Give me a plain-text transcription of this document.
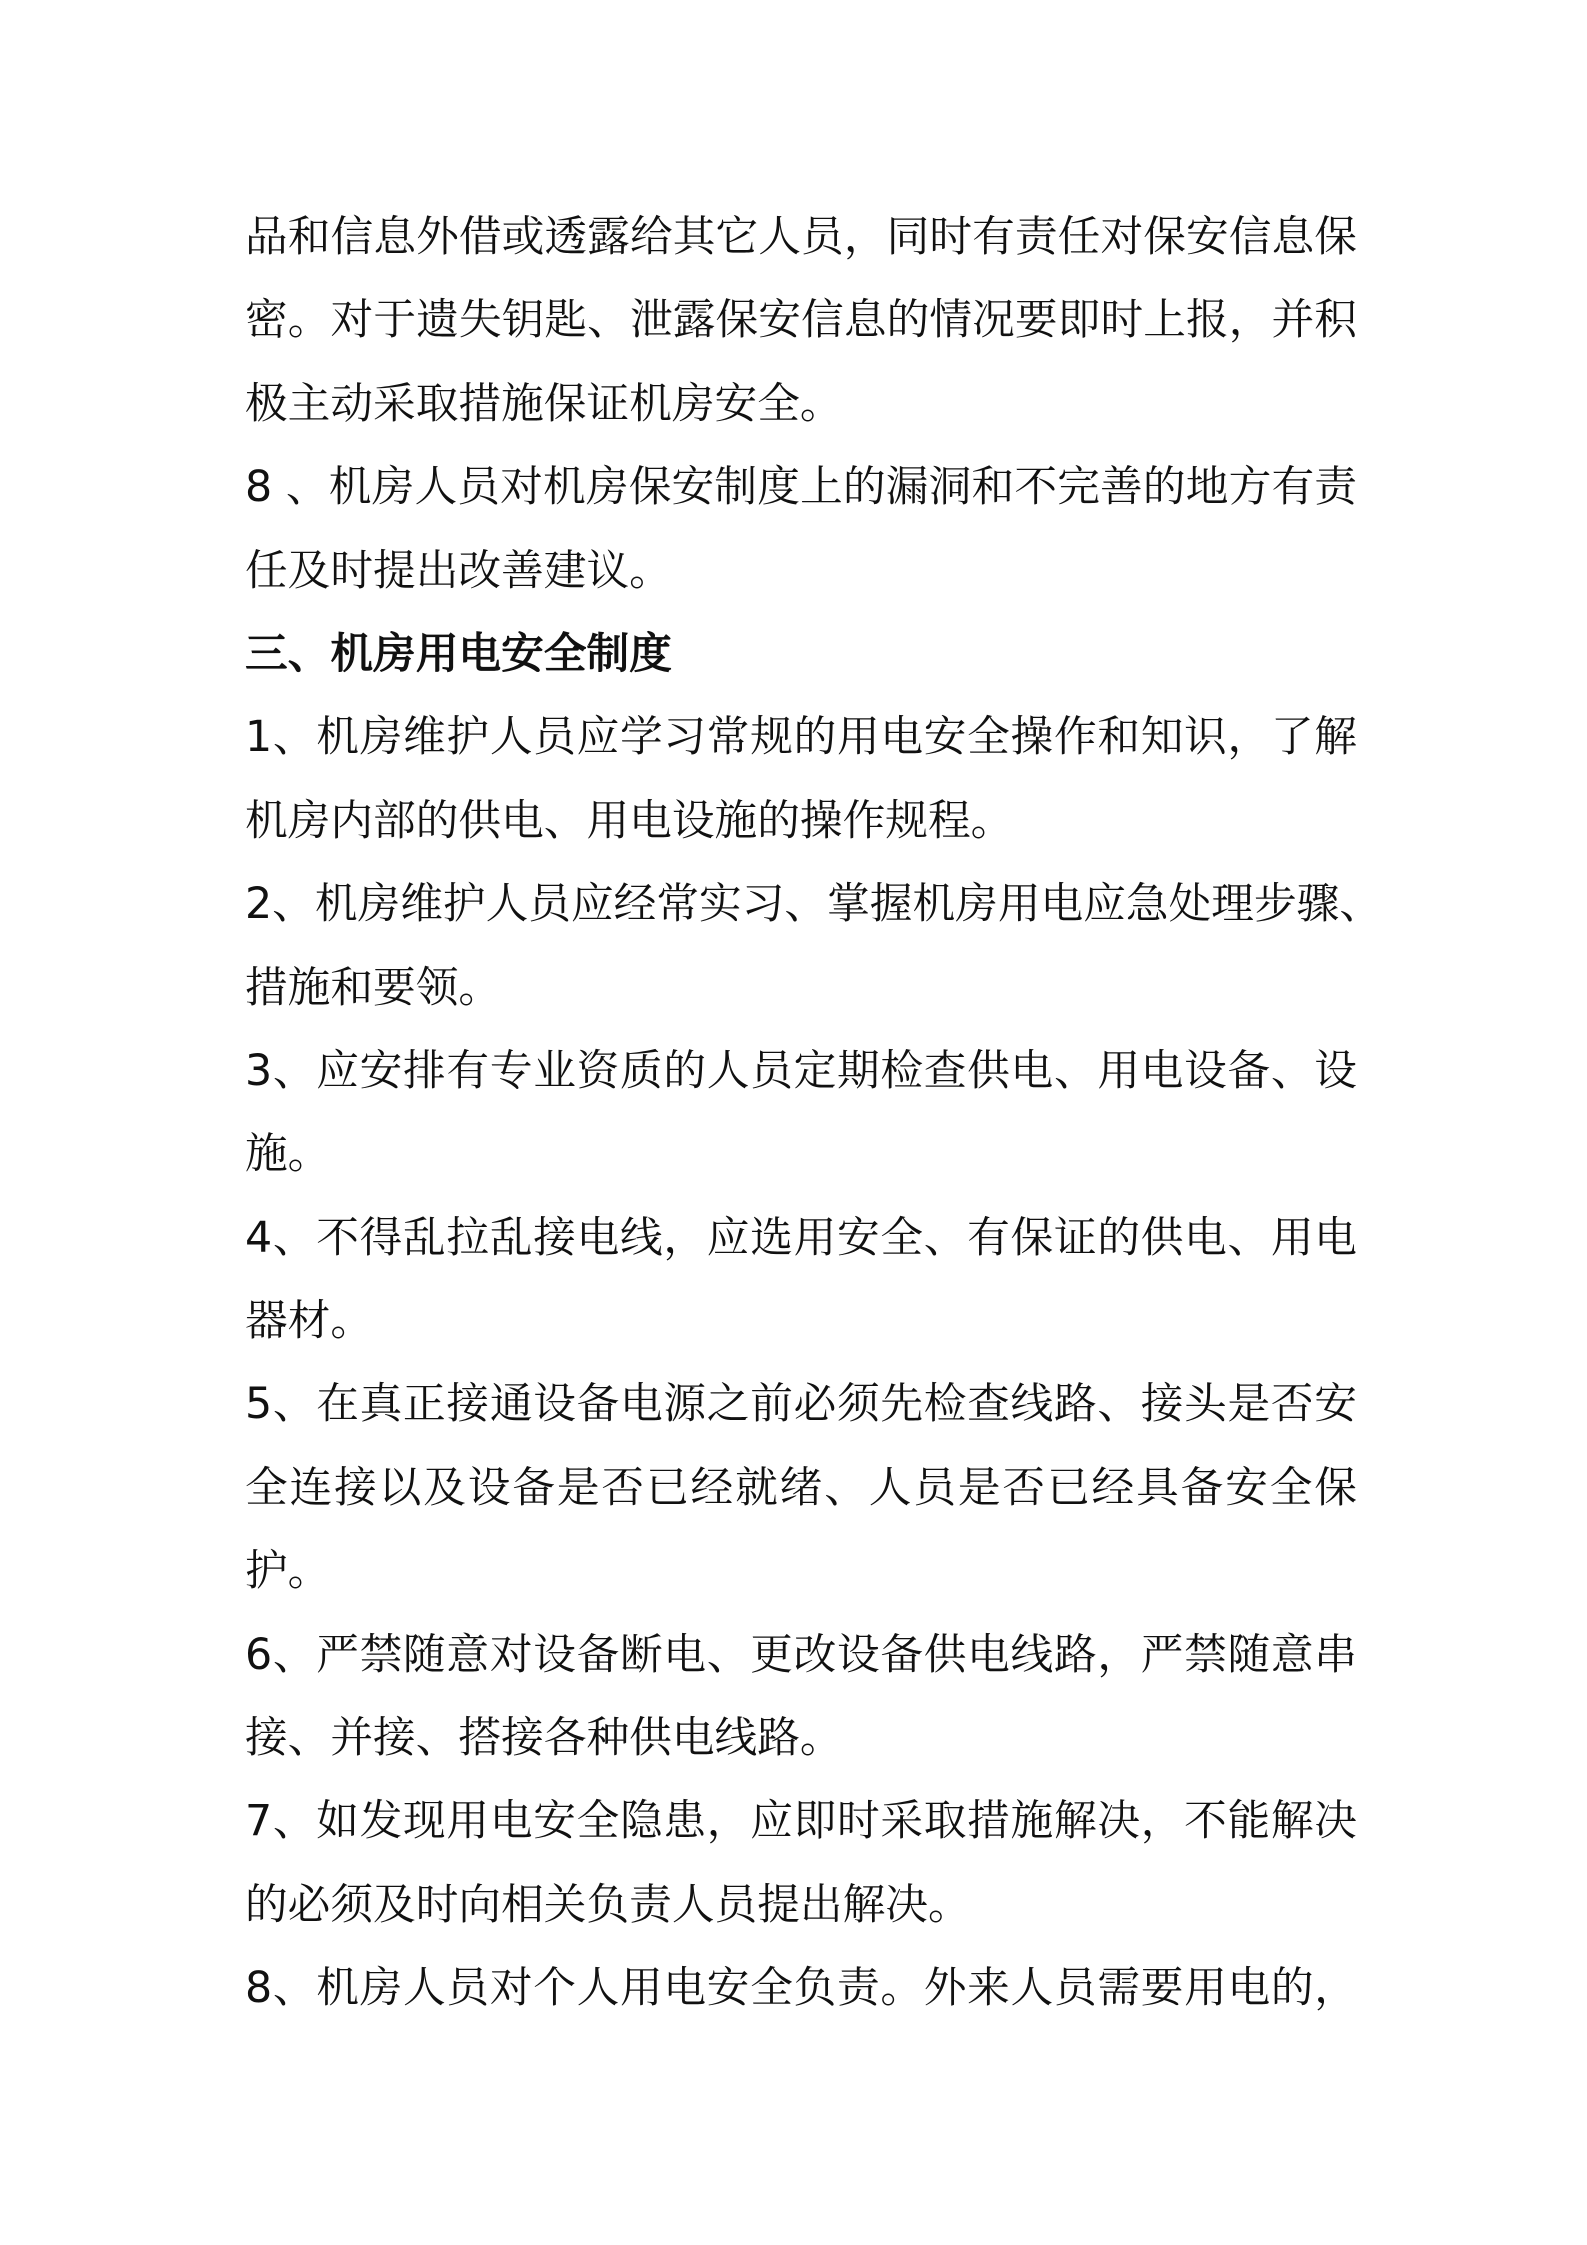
品和信息外借或透露给其它人员，同时有责任对保安信息保
密。对于遗失钥匙、泄露保安信息的情况要即时上报，并积
极主动采取措施保证机房安全。
8 、机房人员对机房保安制度上的漏洞和不完善的地方有责
任及时提出改善建议。
三、机房用电安全制度
1、机房维护人员应学习常规的用电安全操作和知识，了解
机房内部的供电、用电设施的操作规程。
2、机房维护人员应经常实习、掌握机房用电应急处理步骤、
措施和要领。
3、应安排有专业资质的人员定期检查供电、用电设备、设
施。
4、不得乱拉乱接电线，应选用安全、有保证的供电、用电
器材。
5、在真正接通设备电源之前必须先检查线路、接头是否安
全连接以及设备是否已经就绪、人员是否已经具备安全保
护。
6、严禁随意对设备断电、更改设备供电线路，严禁随意串
接、并接、搭接各种供电线路。
7、如发现用电安全隐患，应即时采取措施解决，不能解决
的必须及时向相关负责人员提出解决。
8、机房人员对个人用电安全负责。外来人员需要用电的，
